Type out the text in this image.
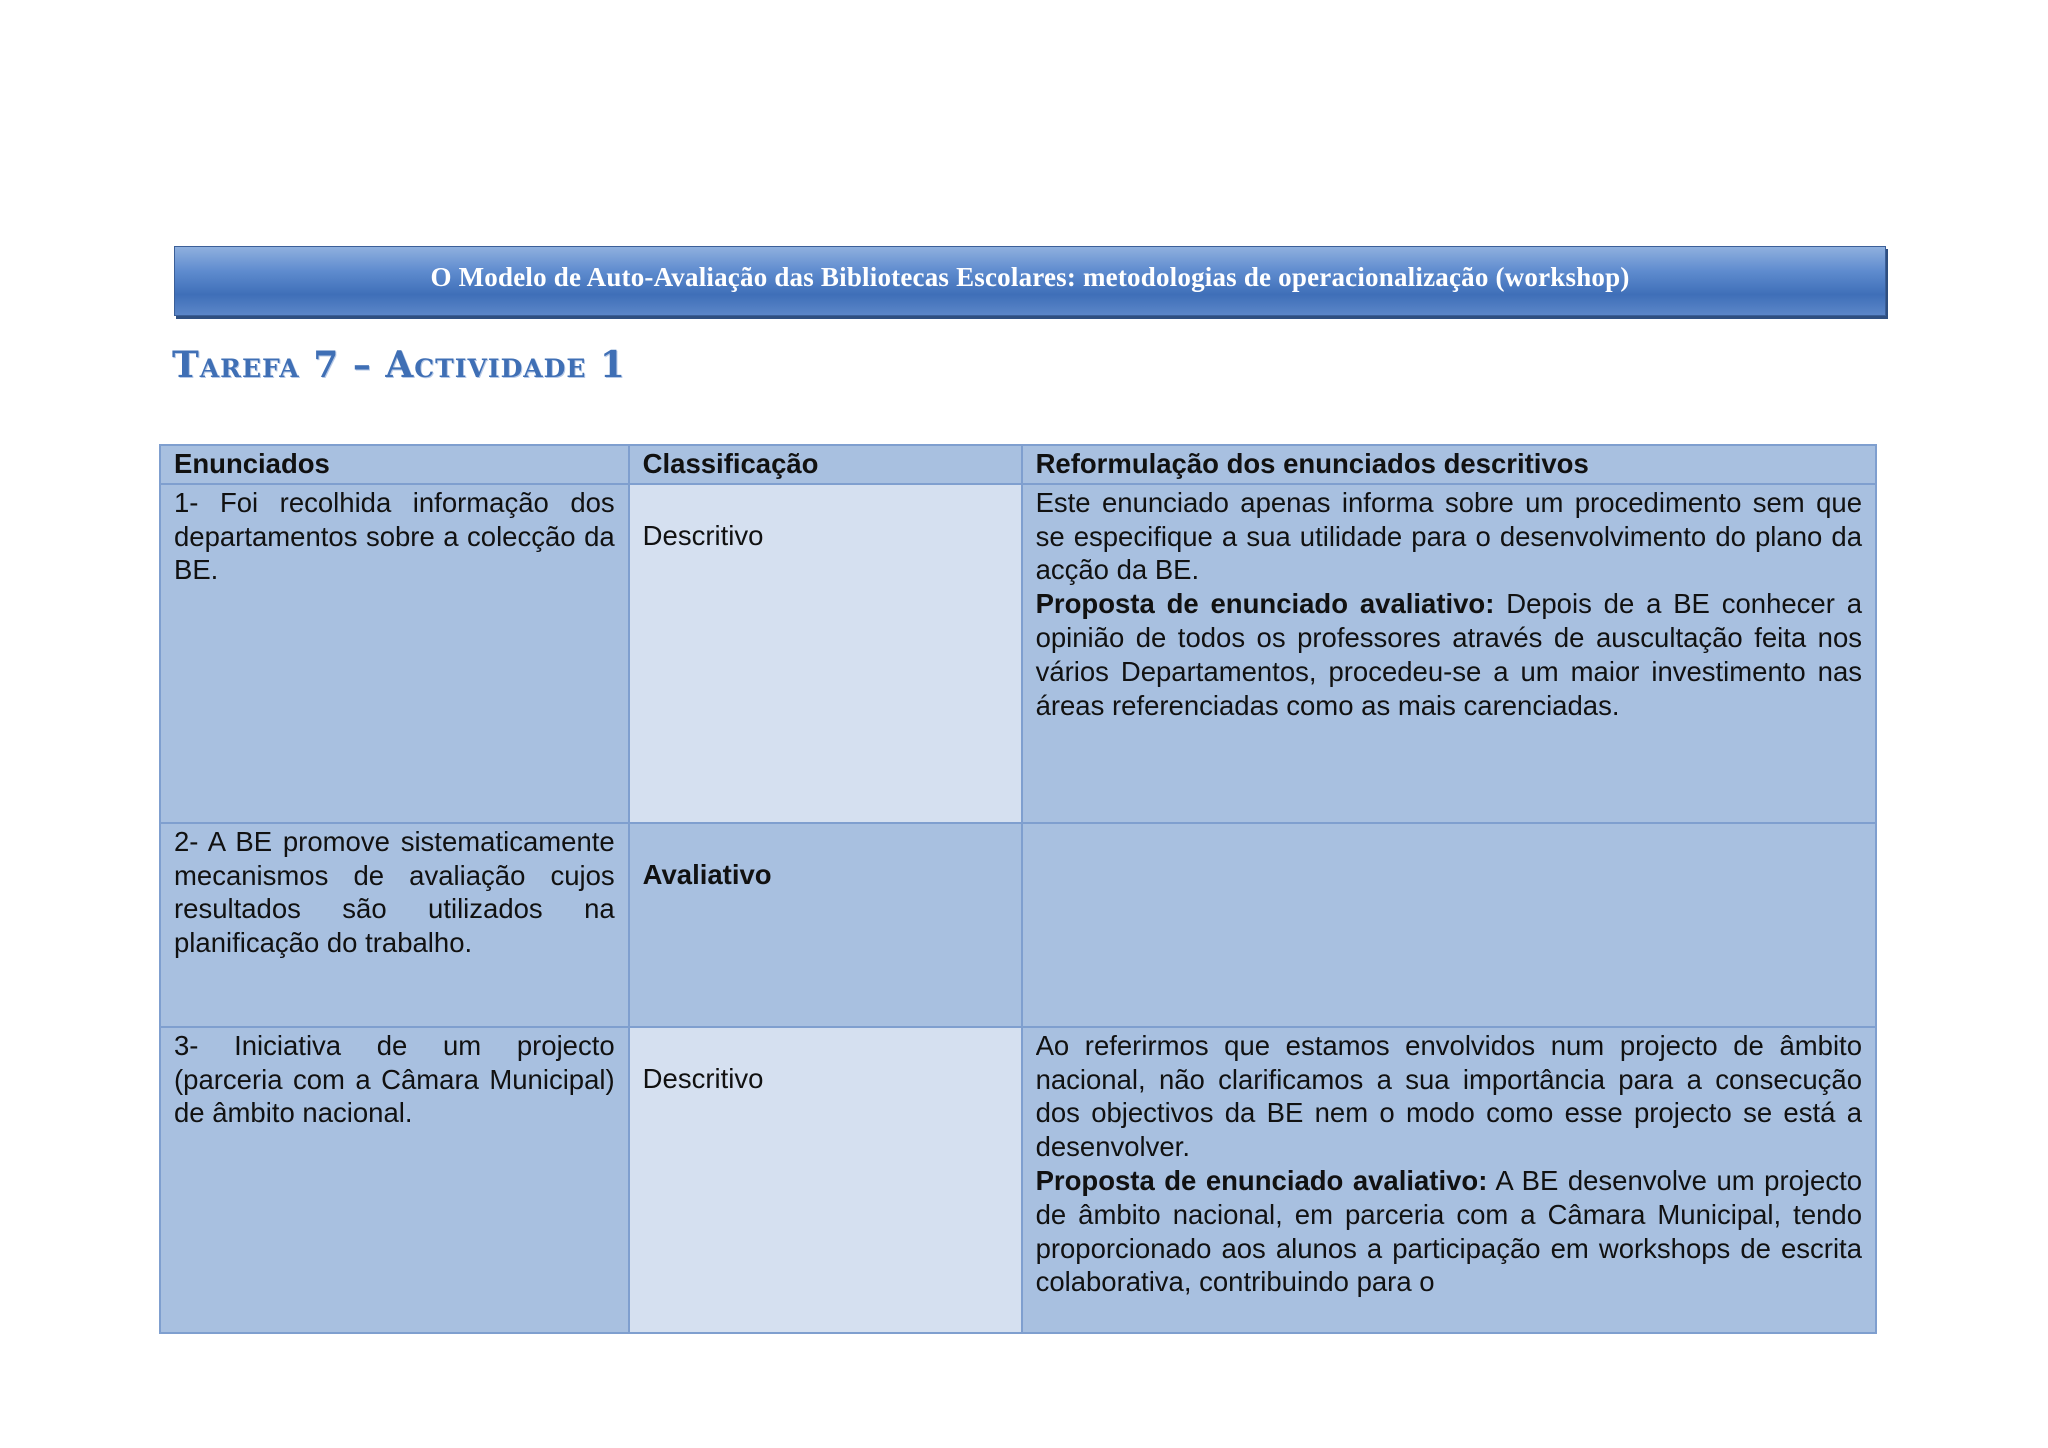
O Modelo de Auto-Avaliação das Bibliotecas Escolares: metodologias de operacionalização (workshop)
Tarefa 7 – Actividade 1
Enunciados	Classificação	Reformulação dos enunciados descritivos
1- Foi recolhida informação dos departamentos sobre a colecção da BE.	Descritivo	Este enunciado apenas informa sobre um procedimento sem que se especifique a sua utilidade para o desenvolvimento do plano da acção da BE.
Proposta de enunciado avaliativo: Depois de a BE conhecer a opinião de todos os professores através de auscultação feita nos vários Departamentos, procedeu-se a um maior investimento nas áreas referenciadas como as mais carenciadas.

2- A BE promove sistematicamente mecanismos de avaliação cujos resultados são utilizados na planificação do trabalho.	Avaliativo	
3- Iniciativa de um projecto (parceria com a Câmara Municipal) de âmbito nacional.	Descritivo	Ao referirmos que estamos envolvidos num projecto de âmbito nacional, não clarificamos a sua importância para a consecução dos objectivos da BE nem o modo como esse projecto se está a desenvolver.
Proposta de enunciado avaliativo: A BE desenvolve um projecto de âmbito nacional, em parceria com a Câmara Municipal, tendo proporcionado aos alunos a participação em workshops de escrita colaborativa, contribuindo para o
